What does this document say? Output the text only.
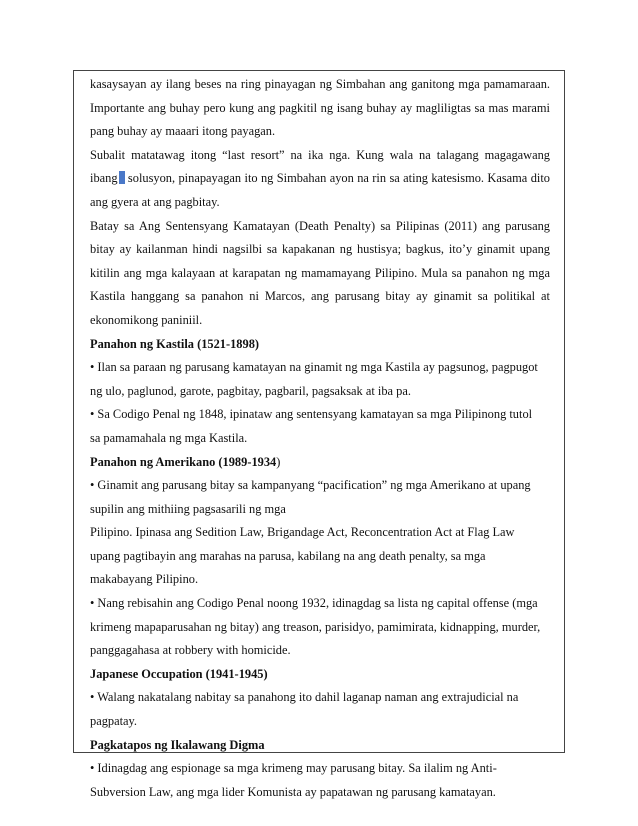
kasaysayan ay ilang beses na ring pinayagan ng Simbahan ang ganitong mga pamamaraan.
Importante ang buhay pero kung ang pagkitil ng isang buhay ay magliligtas sa mas marami
pang buhay ay maaari itong payagan.
Subalit matatawag itong “last resort” na ika nga. Kung wala na talagang magagawang
ibang solusyon, pinapayagan ito ng Simbahan ayon na rin sa ating katesismo. Kasama dito
ang gyera at ang pagbitay.
Batay sa Ang Sentensyang Kamatayan (Death Penalty) sa Pilipinas (2011) ang parusang
bitay ay kailanman hindi nagsilbi sa kapakanan ng hustisya; bagkus, ito’y ginamit upang
kitilin ang mga kalayaan at karapatan ng mamamayang Pilipino. Mula sa panahon ng mga
Kastila hanggang sa panahon ni Marcos, ang parusang bitay ay ginamit sa politikal at
ekonomikong paniniil.
Panahon ng Kastila (1521-1898)
• Ilan sa paraan ng parusang kamatayan na ginamit ng mga Kastila ay pagsunog, pagpugot
ng ulo, paglunod, garote, pagbitay, pagbaril, pagsaksak at iba pa.
• Sa Codigo Penal ng 1848, ipinataw ang sentensyang kamatayan sa mga Pilipinong tutol
sa pamamahala ng mga Kastila.
Panahon ng Amerikano (1989-1934)
• Ginamit ang parusang bitay sa kampanyang “pacification” ng mga Amerikano at upang
supilin ang mithiing pagsasarili ng mga
Pilipino. Ipinasa ang Sedition Law, Brigandage Act, Reconcentration Act at Flag Law
upang pagtibayin ang marahas na parusa, kabilang na ang death penalty, sa mga
makabayang Pilipino.
• Nang rebisahin ang Codigo Penal noong 1932, idinagdag sa lista ng capital offense (mga
krimeng mapaparusahan ng bitay) ang treason, parisidyo, pamimirata, kidnapping, murder,
panggagahasa at robbery with homicide.
Japanese Occupation (1941-1945)
• Walang nakatalang nabitay sa panahong ito dahil laganap naman ang extrajudicial na
pagpatay.
Pagkatapos ng Ikalawang Digma
• Idinagdag ang espionage sa mga krimeng may parusang bitay. Sa ilalim ng Anti-
Subversion Law, ang mga lider Komunista ay papatawan ng parusang kamatayan.
